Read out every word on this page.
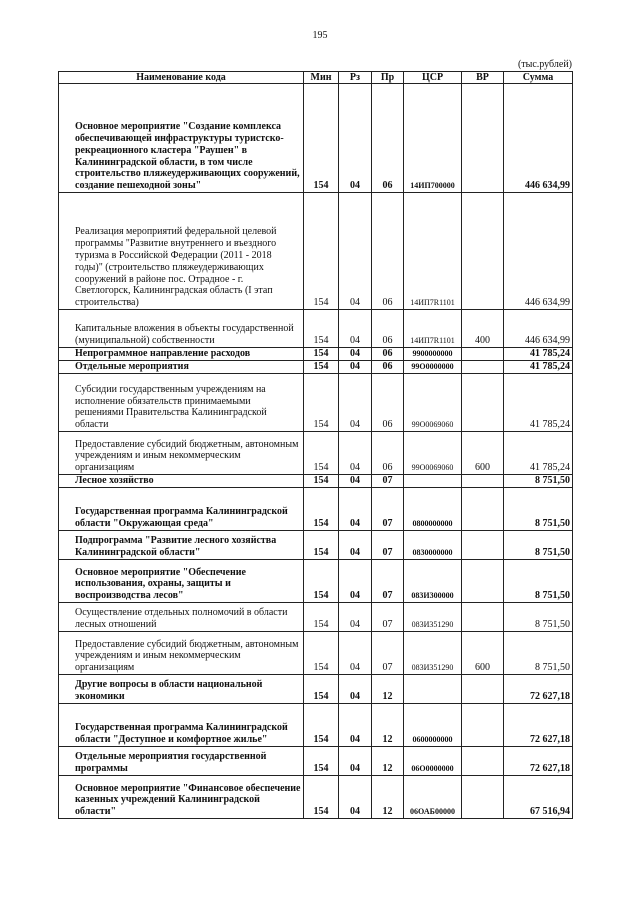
195
(тыс.рублей)
Наименование кода	Мин	Рз	Пр	ЦСР	ВР	Сумма
Основное мероприятие "Создание комплекса обеспечивающей инфраструктуры туристско-рекреационного кластера "Раушен" в Калининградской области, в том числе строительство пляжеудерживающих сооружений, создание пешеходной зоны"	154	04	06	14ИП700000		446 634,99
Реализация мероприятий федеральной целевой программы "Развитие внутреннего и въездного туризма в Российской Федерации (2011 - 2018 годы)" (строительство пляжеудерживающих сооружений в районе пос. Отрадное - г. Светлогорск, Калининградская область (I этап строительства)	154	04	06	14ИП7R1101		446 634,99
Капитальные вложения в объекты государственной (муниципальной) собственности	154	04	06	14ИП7R1101	400	446 634,99
Непрограммное направление расходов	154	04	06	9900000000		41 785,24
Отдельные мероприятия	154	04	06	99О0000000		41 785,24
Субсидии государственным учреждениям на исполнение обязательств принимаемыми решениями Правительства Калининградской области	154	04	06	99О0069060		41 785,24
Предоставление субсидий бюджетным, автономным учреждениям и иным некоммерческим организациям	154	04	06	99О0069060	600	41 785,24
Лесное хозяйство	154	04	07			8 751,50
Государственная программа Калининградской области "Окружающая среда"	154	04	07	0800000000		8 751,50
Подпрограмма "Развитие лесного хозяйства Калининградской области"	154	04	07	0830000000		8 751,50
Основное мероприятие "Обеспечение использования, охраны, защиты и воспроизводства лесов"	154	04	07	083И300000		8 751,50
Осуществление отдельных полномочий в области лесных отношений	154	04	07	083И351290		8 751,50
Предоставление субсидий бюджетным, автономным учреждениям и иным некоммерческим организациям	154	04	07	083И351290	600	8 751,50
Другие вопросы в области национальной экономики	154	04	12			72 627,18
Государственная программа Калининградской области "Доступное и комфортное жилье"	154	04	12	0600000000		72 627,18
Отдельные мероприятия государственной программы	154	04	12	06О0000000		72 627,18
Основное мероприятие "Финансовое обеспечение казенных учреждений Калининградской области"	154	04	12	06ОАБ00000		67 516,94
